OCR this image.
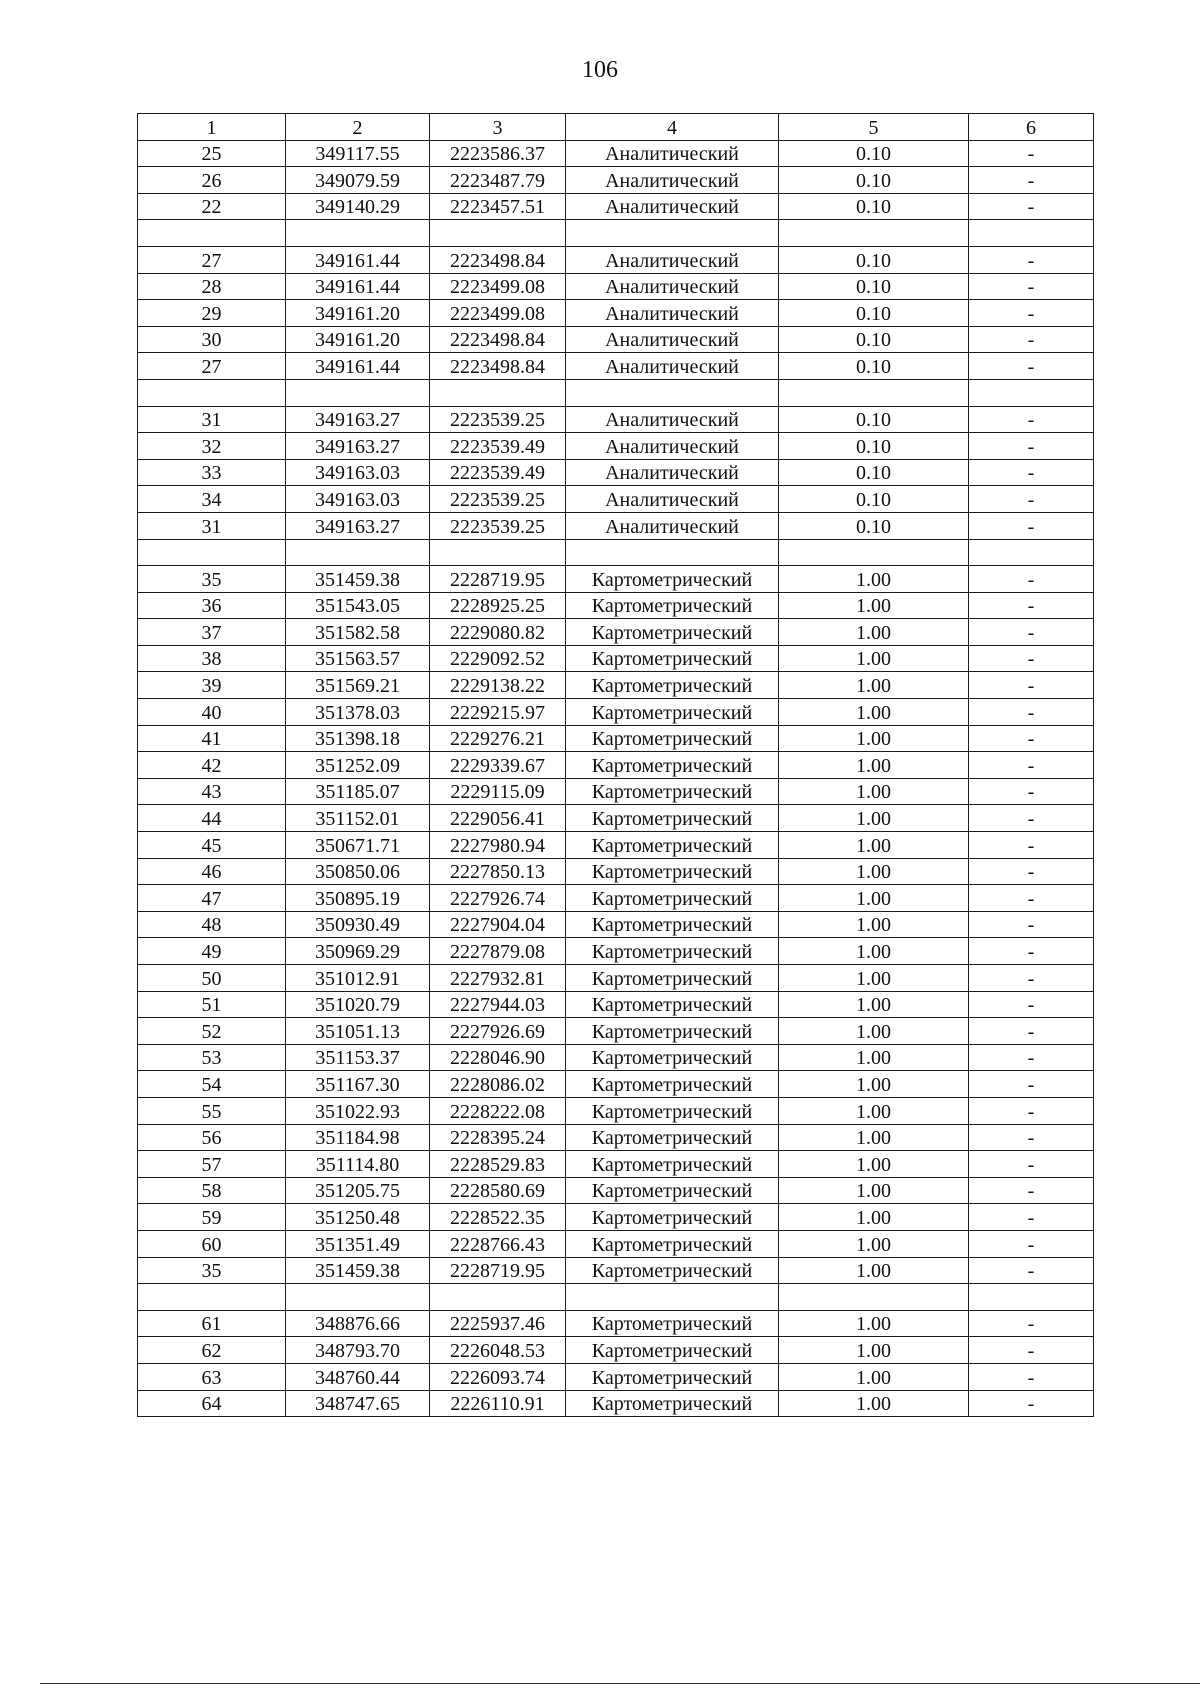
106
1	2	3	4	5	6
25	349117.55	2223586.37	Аналитический	0.10	-
26	349079.59	2223487.79	Аналитический	0.10	-
22	349140.29	2223457.51	Аналитический	0.10	-

27	349161.44	2223498.84	Аналитический	0.10	-
28	349161.44	2223499.08	Аналитический	0.10	-
29	349161.20	2223499.08	Аналитический	0.10	-
30	349161.20	2223498.84	Аналитический	0.10	-
27	349161.44	2223498.84	Аналитический	0.10	-

31	349163.27	2223539.25	Аналитический	0.10	-
32	349163.27	2223539.49	Аналитический	0.10	-
33	349163.03	2223539.49	Аналитический	0.10	-
34	349163.03	2223539.25	Аналитический	0.10	-
31	349163.27	2223539.25	Аналитический	0.10	-

35	351459.38	2228719.95	Картометрический	1.00	-
36	351543.05	2228925.25	Картометрический	1.00	-
37	351582.58	2229080.82	Картометрический	1.00	-
38	351563.57	2229092.52	Картометрический	1.00	-
39	351569.21	2229138.22	Картометрический	1.00	-
40	351378.03	2229215.97	Картометрический	1.00	-
41	351398.18	2229276.21	Картометрический	1.00	-
42	351252.09	2229339.67	Картометрический	1.00	-
43	351185.07	2229115.09	Картометрический	1.00	-
44	351152.01	2229056.41	Картометрический	1.00	-
45	350671.71	2227980.94	Картометрический	1.00	-
46	350850.06	2227850.13	Картометрический	1.00	-
47	350895.19	2227926.74	Картометрический	1.00	-
48	350930.49	2227904.04	Картометрический	1.00	-
49	350969.29	2227879.08	Картометрический	1.00	-
50	351012.91	2227932.81	Картометрический	1.00	-
51	351020.79	2227944.03	Картометрический	1.00	-
52	351051.13	2227926.69	Картометрический	1.00	-
53	351153.37	2228046.90	Картометрический	1.00	-
54	351167.30	2228086.02	Картометрический	1.00	-
55	351022.93	2228222.08	Картометрический	1.00	-
56	351184.98	2228395.24	Картометрический	1.00	-
57	351114.80	2228529.83	Картометрический	1.00	-
58	351205.75	2228580.69	Картометрический	1.00	-
59	351250.48	2228522.35	Картометрический	1.00	-
60	351351.49	2228766.43	Картометрический	1.00	-
35	351459.38	2228719.95	Картометрический	1.00	-

61	348876.66	2225937.46	Картометрический	1.00	-
62	348793.70	2226048.53	Картометрический	1.00	-
63	348760.44	2226093.74	Картометрический	1.00	-
64	348747.65	2226110.91	Картометрический	1.00	-
